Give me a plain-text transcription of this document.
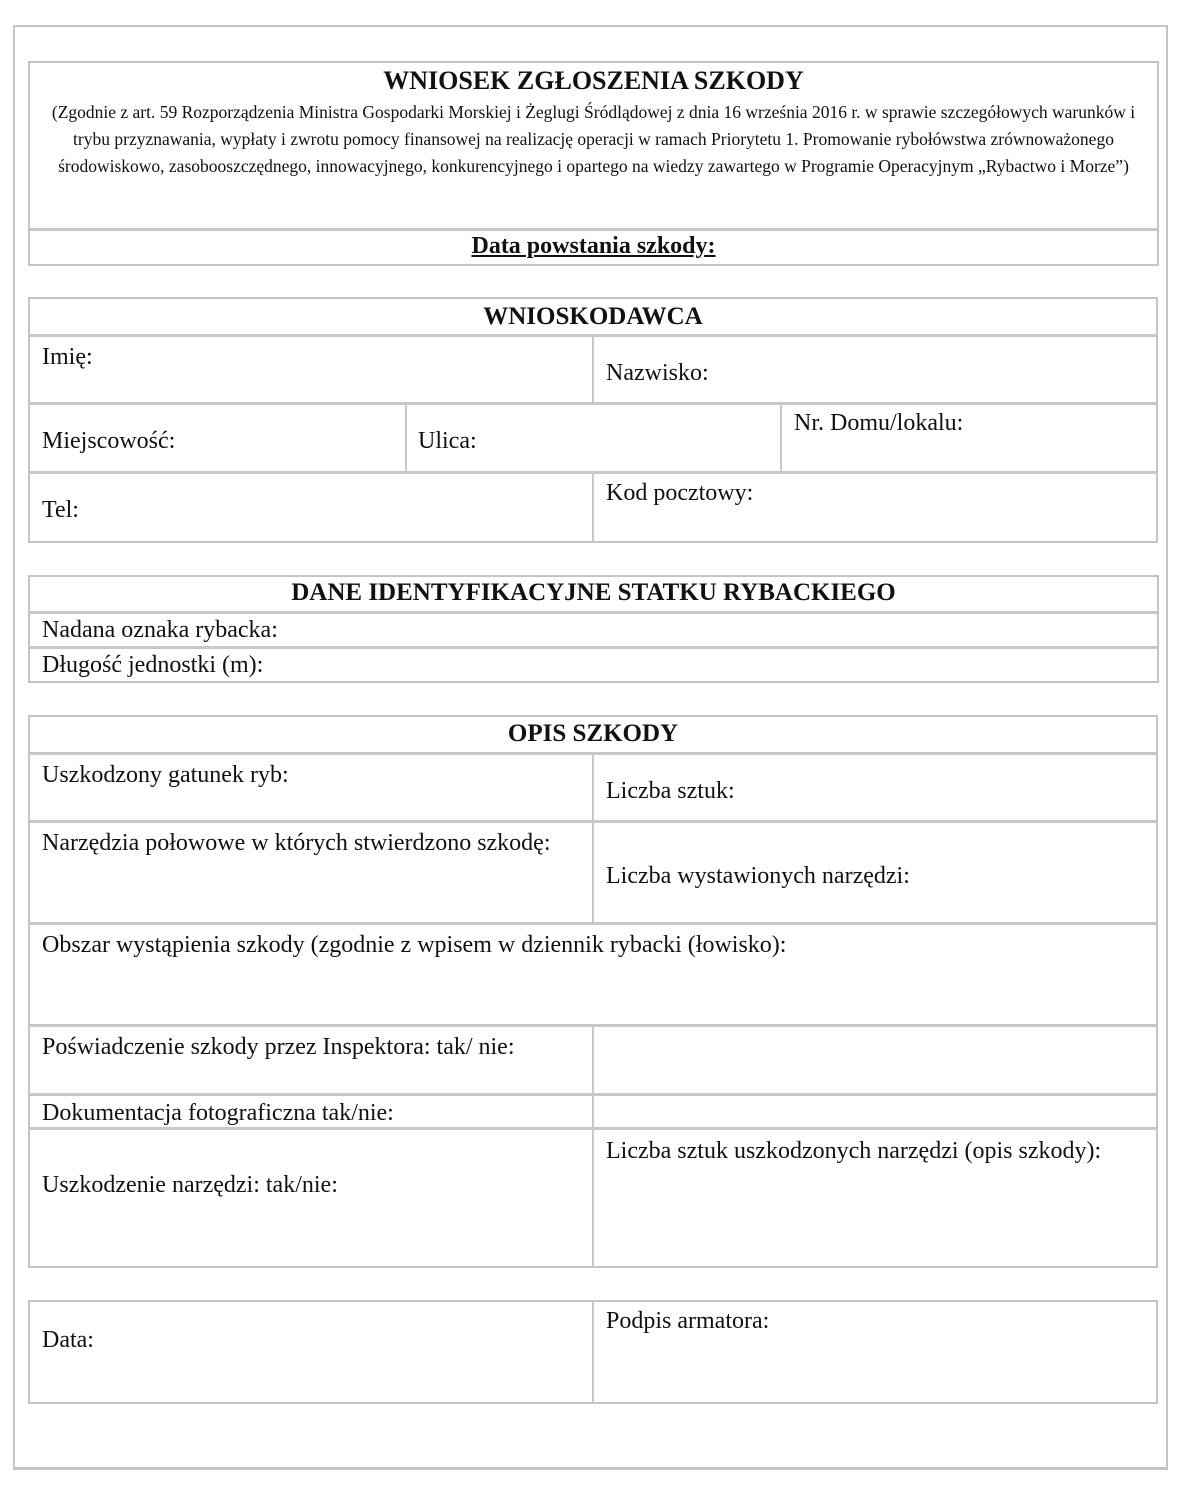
WNIOSEK ZGŁOSZENIA SZKODY
(Zgodnie z art. 59 Rozporządzenia Ministra Gospodarki Morskiej i Żeglugi Śródlądowej z dnia 16 września 2016 r. w sprawie szczegółowych warunków i trybu przyznawania, wypłaty i zwrotu pomocy finansowej na realizację operacji w ramach Priorytetu 1. Promowanie rybołówstwa zrównoważonego środowiskowo, zasobooszczędnego, innowacyjnego, konkurencyjnego i opartego na wiedzy zawartego w Programie Operacyjnym „Rybactwo i Morze”)
Data powstania szkody:
WNIOSKODAWCA
Imię:
Nazwisko:
Miejscowość:	Ulica:
Nr. Domu/lokalu:
Tel:
Kod pocztowy:
DANE IDENTYFIKACYJNE STATKU RYBACKIEGO
Nadana oznaka rybacka:
Długość jednostki (m):
OPIS SZKODY
Uszkodzony gatunek ryb:
Liczba sztuk:
Narzędzia połowowe w których stwierdzono szkodę:
Liczba wystawionych narzędzi:
Obszar wystąpienia szkody (zgodnie z wpisem w dziennik rybacki (łowisko):
Poświadczenie szkody przez Inspektora: tak/ nie:
Dokumentacja fotograficzna tak/nie:
Uszkodzenie narzędzi: tak/nie:
Liczba sztuk uszkodzonych narzędzi (opis szkody):
Data:
Podpis armatora:
